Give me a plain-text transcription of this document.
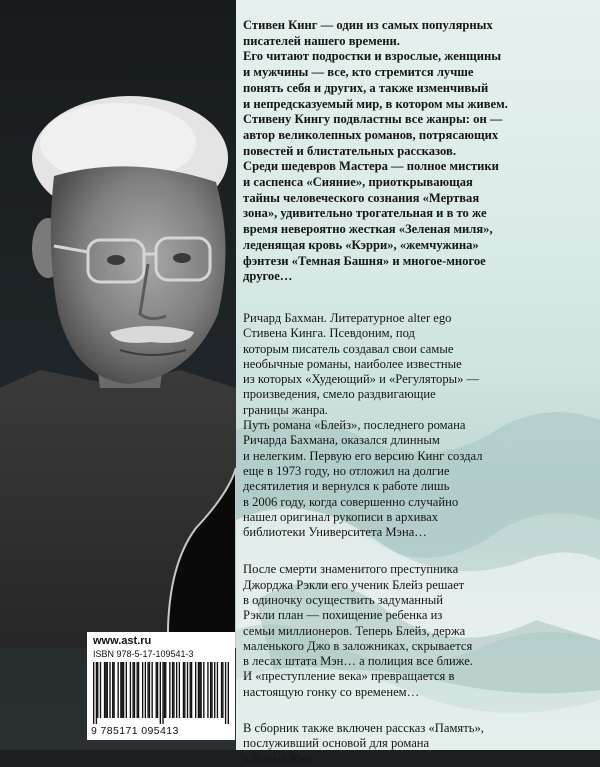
www.ast.ru
ISBN 978-5-17-109541-3
9 785171 095413

Стивен Кинг — один из самых популярных

писателей нашего времени.

Его читают подростки и взрослые, женщины

и мужчины — все, кто стремится лучше

понять себя и других, а также изменчивый

и непредсказуемый мир, в котором мы живем.

Стивену Кингу подвластны все жанры: он —

автор великолепных романов, потрясающих

повестей и блистательных рассказов.

Среди шедевров Мастера — полное мистики

и саспенса «Сияние», приоткрывающая

тайны человеческого сознания «Мертвая

зона», удивительно трогательная и в то же

время невероятно жесткая «Зеленая миля»,

леденящая кровь «Кэрри», «жемчужина»

фэнтези «Темная Башня» и многое-многое

другое…

Ричард Бахман. Литературное alter ego

Стивена Кинга. Псевдоним, под

которым писатель создавал свои самые

необычные романы, наиболее известные

из которых «Худеющий» и «Регуляторы» —

произведения, смело раздвигающие

границы жанра.

Путь романа «Блейз», последнего романа

Ричарда Бахмана, оказался длинным

и нелегким. Первую его версию Кинг создал

еще в 1973 году, но отложил на долгие

десятилетия и вернулся к работе лишь

в 2006 году, когда совершенно случайно

нашел оригинал рукописи в архивах

библиотеки Университета Мэна…

После смерти знаменитого преступника

Джорджа Рэкли его ученик Блейз решает

в одиночку осуществить задуманный

Рэкли план — похищение ребенка из

семьи миллионеров. Теперь Блейз, держа

маленького Джо в заложниках, скрывается

в лесах штата Мэн… а полиция все ближе.

И «преступление века» превращается в

настоящую гонку со временем…

В сборник также включен рассказ «Память»,

послуживший основой для романа

«Дьюма-Ки».
